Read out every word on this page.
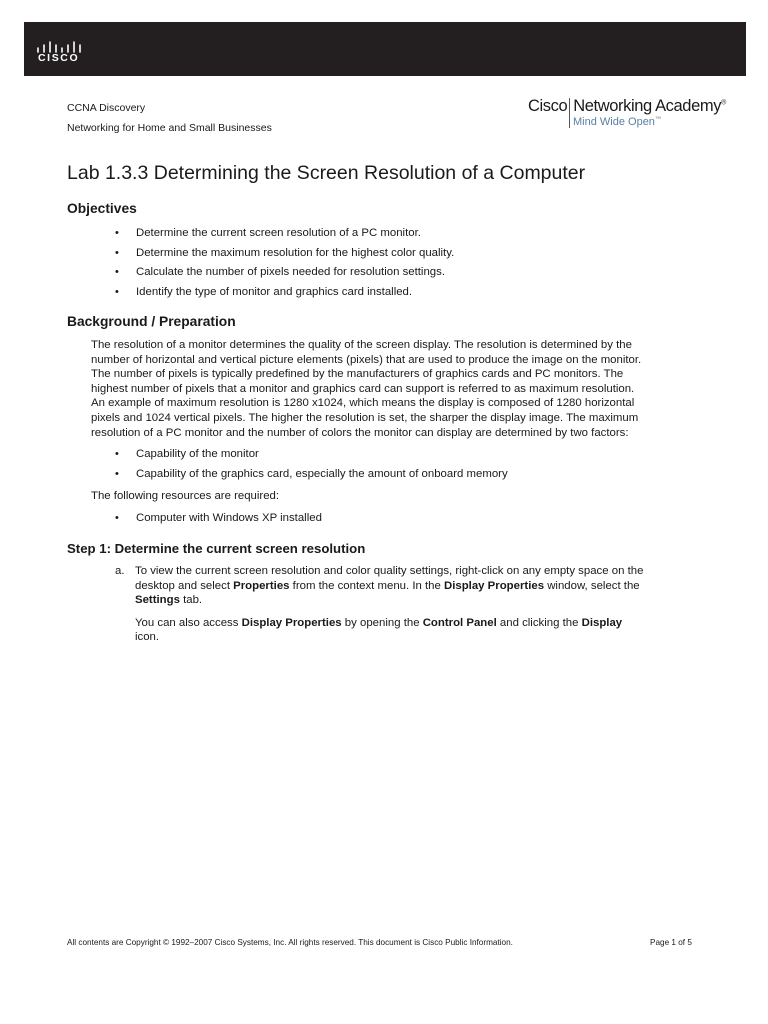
CISCO
CCNA Discovery
Networking for Home and Small Businesses
Cisco Networking Academy®
Mind Wide Open™
Lab 1.3.3 Determining the Screen Resolution of a Computer
Objectives
• Determine the current screen resolution of a PC monitor.
• Determine the maximum resolution for the highest color quality.
• Calculate the number of pixels needed for resolution settings.
• Identify the type of monitor and graphics card installed.
Background / Preparation

The resolution of a monitor determines the quality of the screen display. The resolution is determined by the

number of horizontal and vertical picture elements (pixels) that are used to produce the image on the monitor.

The number of pixels is typically predefined by the manufacturers of graphics cards and PC monitors. The

highest number of pixels that a monitor and graphics card can support is referred to as maximum resolution.

An example of maximum resolution is 1280 x1024, which means the display is composed of 1280 horizontal

pixels and 1024 vertical pixels. The higher the resolution is set, the sharper the display image. The maximum

resolution of a PC monitor and the number of colors the monitor can display are determined by two factors:

• Capability of the monitor
• Capability of the graphics card, especially the amount of onboard memory

The following resources are required:

• Computer with Windows XP installed
Step 1: Determine the current screen resolution
a. To view the current screen resolution and color quality settings, right-click on any empty space on the

desktop and select Properties from the context menu. In the Display Properties window, select the

Settings tab.

You can also access Display Properties by opening the Control Panel and clicking the Display

icon.

All contents are Copyright © 1992–2007 Cisco Systems, Inc. All rights reserved. This document is Cisco Public Information.	Page 1 of 5
